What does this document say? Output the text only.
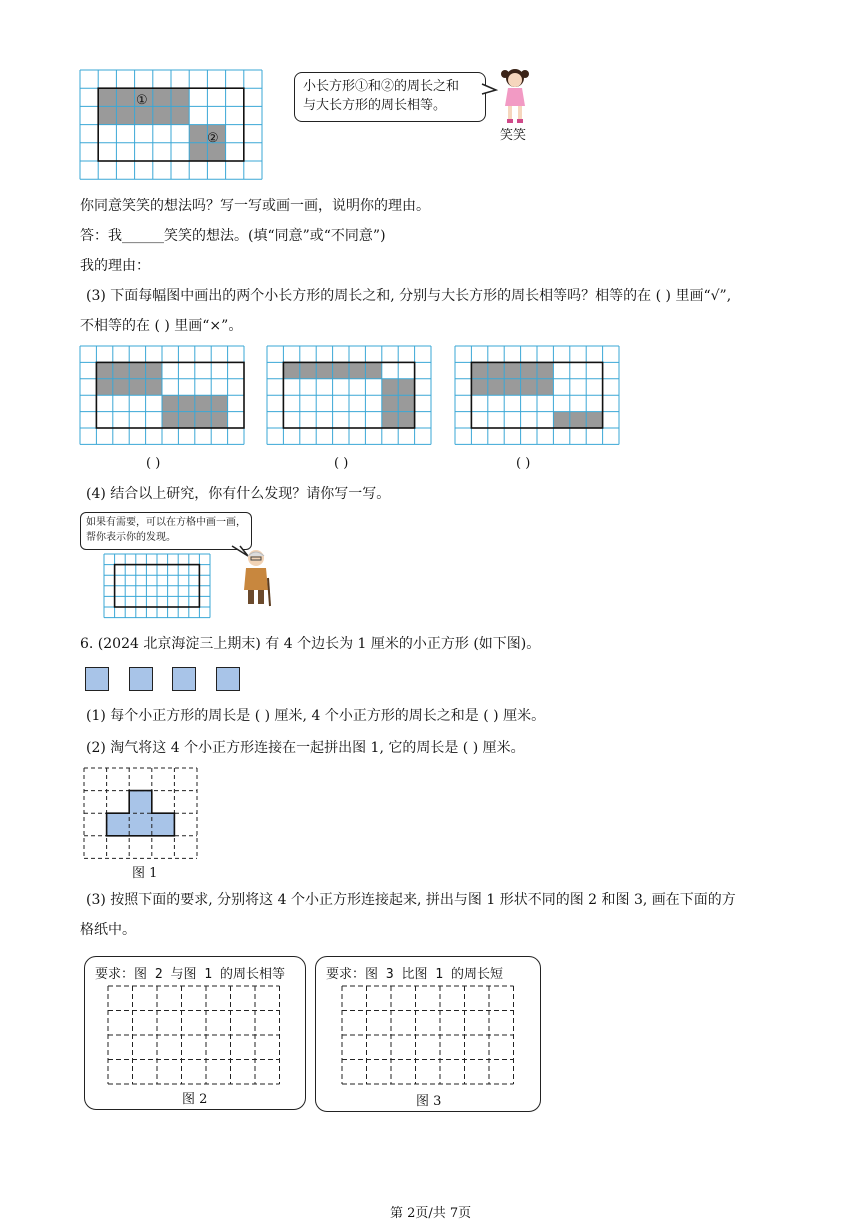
①
②
小长方形①和②的周长之和
与大长方形的周长相等。
笑笑
你同意笑笑的想法吗？写一写或画一画，说明你的理由。
答：我______笑笑的想法。(填“同意”或“不同意”)
我的理由：
(3) 下面每幅图中画出的两个小长方形的周长之和, 分别与大长方形的周长相等吗？相等的在 ( ) 里画“√”,
不相等的在 ( ) 里画“×”。
( )	( )	( )
(4) 结合以上研究，你有什么发现？请你写一写。
如果有需要，可以在方格中画一画，
帮你表示你的发现。
6. (2024 北京海淀三上期末) 有 4 个边长为 1 厘米的小正方形 (如下图)。
(1) 每个小正方形的周长是 ( ) 厘米, 4 个小正方形的周长之和是 ( ) 厘米。
(2) 淘气将这 4 个小正方形连接在一起拼出图 1, 它的周长是 ( ) 厘米。
图 1
(3) 按照下面的要求, 分别将这 4 个小正方形连接起来, 拼出与图 1 形状不同的图 2 和图 3, 画在下面的方
格纸中。
要求：图 2 与图 1 的周长相等
图 2
要求：图 3 比图 1 的周长短
图 3
第 2页/共 7页
